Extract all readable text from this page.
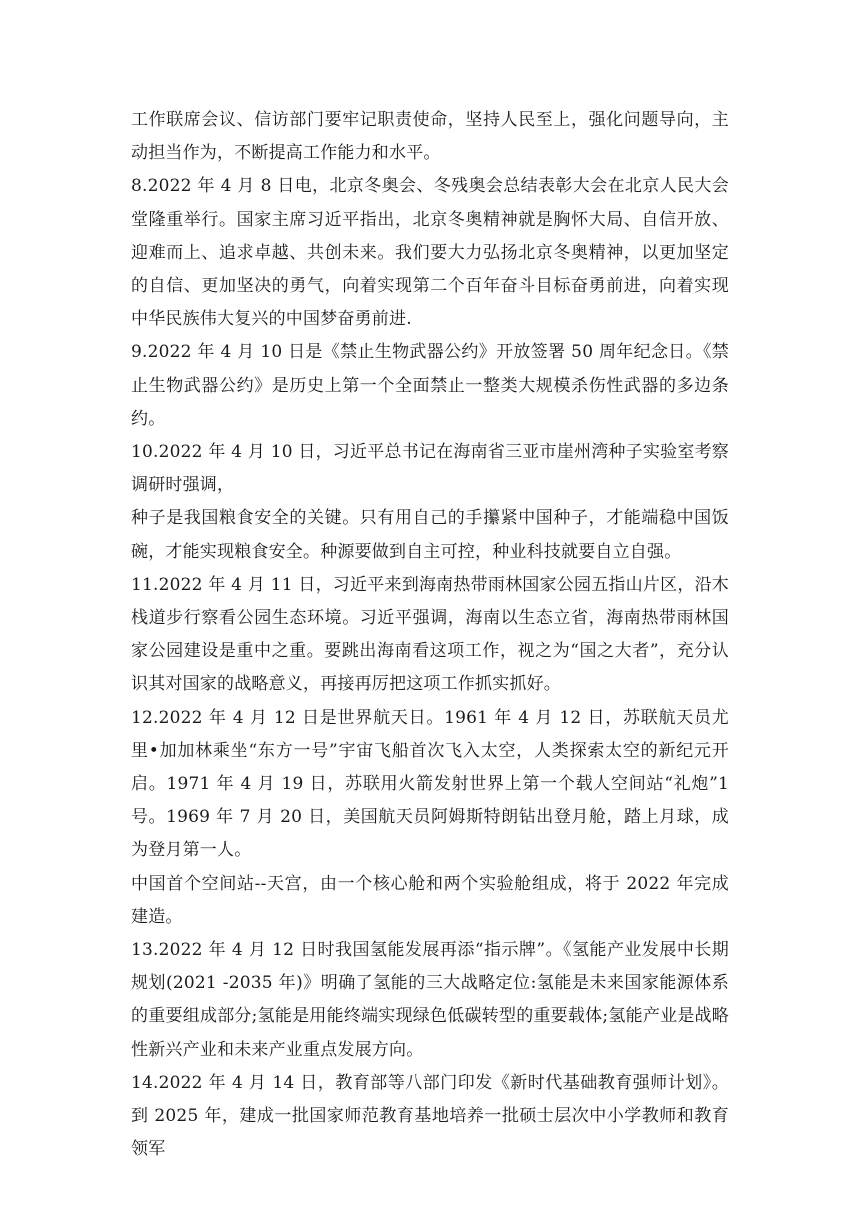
工作联席会议、信访部门要牢记职责使命，坚持人民至上，强化问题导向，主动担当作为，不断提高工作能力和水平。

8.2022 年 4 月 8 日电，北京冬奥会、冬残奥会总结表彰大会在北京人民大会堂隆重举行。国家主席习近平指出，北京冬奥精神就是胸怀大局、自信开放、迎难而上、追求卓越、共创未来。我们要大力弘扬北京冬奥精神，以更加坚定的自信、更加坚决的勇气，向着实现第二个百年奋斗目标奋勇前进，向着实现中华民族伟大复兴的中国梦奋勇前进.

9.2022 年 4 月 10 日是《禁止生物武器公约》开放签署 50 周年纪念日。《禁止生物武器公约》是历史上第一个全面禁止一整类大规模杀伤性武器的多边条约。

10.2022 年 4 月 10 日，习近平总书记在海南省三亚市崖州湾种子实验室考察调研时强调，

种子是我国粮食安全的关键。只有用自己的手攥紧中国种子，才能端稳中国饭碗，才能实现粮食安全。种源要做到自主可控，种业科技就要自立自强。

11.2022 年 4 月 11 日，习近平来到海南热带雨林国家公园五指山片区，沿木栈道步行察看公园生态环境。习近平强调，海南以生态立省，海南热带雨林国家公园建设是重中之重。要跳出海南看这项工作，视之为“国之大者”，充分认识其对国家的战略意义，再接再厉把这项工作抓实抓好。

12.2022 年 4 月 12 日是世界航天日。1961 年 4 月 12 日，苏联航天员尤里•加加林乘坐“东方一号”宇宙飞船首次飞入太空，人类探索太空的新纪元开启。1971 年 4 月 19 日，苏联用火箭发射世界上第一个载人空间站“礼炮”1 号。1969 年 7 月 20 日，美国航天员阿姆斯特朗钻出登月舱，踏上月球，成为登月第一人。

中国首个空间站--天宫，由一个核心舱和两个实验舱组成，将于 2022 年完成建造。

13.2022 年 4 月 12 日时我国氢能发展再添“指示牌”。《氢能产业发展中长期规划(2021 -2035 年)》明确了氢能的三大战略定位:氢能是未来国家能源体系的重要组成部分;氢能是用能终端实现绿色低碳转型的重要载体;氢能产业是战略性新兴产业和未来产业重点发展方向。

14.2022 年 4 月 14 日，教育部等八部门印发《新时代基础教育强师计划》。到 2025 年，建成一批国家师范教育基地培养一批硕士层次中小学教师和教育领军
